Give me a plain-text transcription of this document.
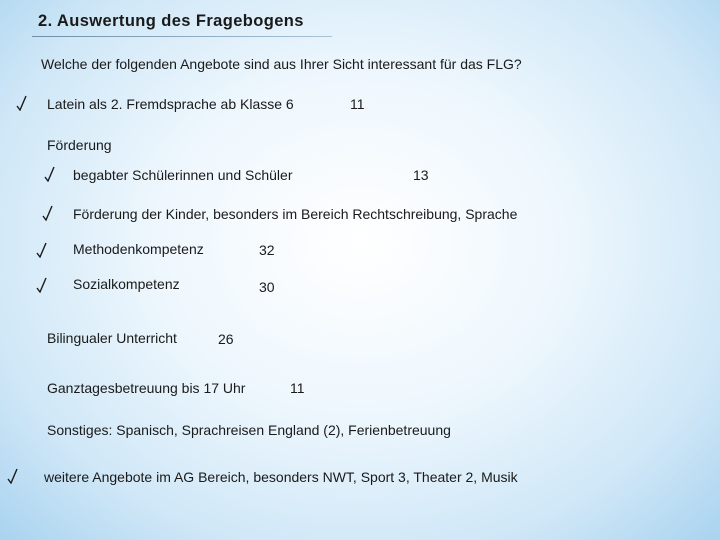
2. Auswertung des Fragebogens
Welche der folgenden Angebote sind aus Ihrer Sicht interessant für das FLG?
Latein als 2. Fremdsprache ab Klasse 6	11
Förderung
begabter Schülerinnen und Schüler	13
Förderung der Kinder, besonders im Bereich Rechtschreibung, Sprache
Methodenkompetenz	32
Sozialkompetenz	30
Bilingualer Unterricht	26
Ganztagesbetreuung bis 17 Uhr	11
Sonstiges: Spanisch, Sprachreisen England (2), Ferienbetreuung
weitere Angebote im AG Bereich, besonders NWT, Sport 3, Theater 2, Musik
